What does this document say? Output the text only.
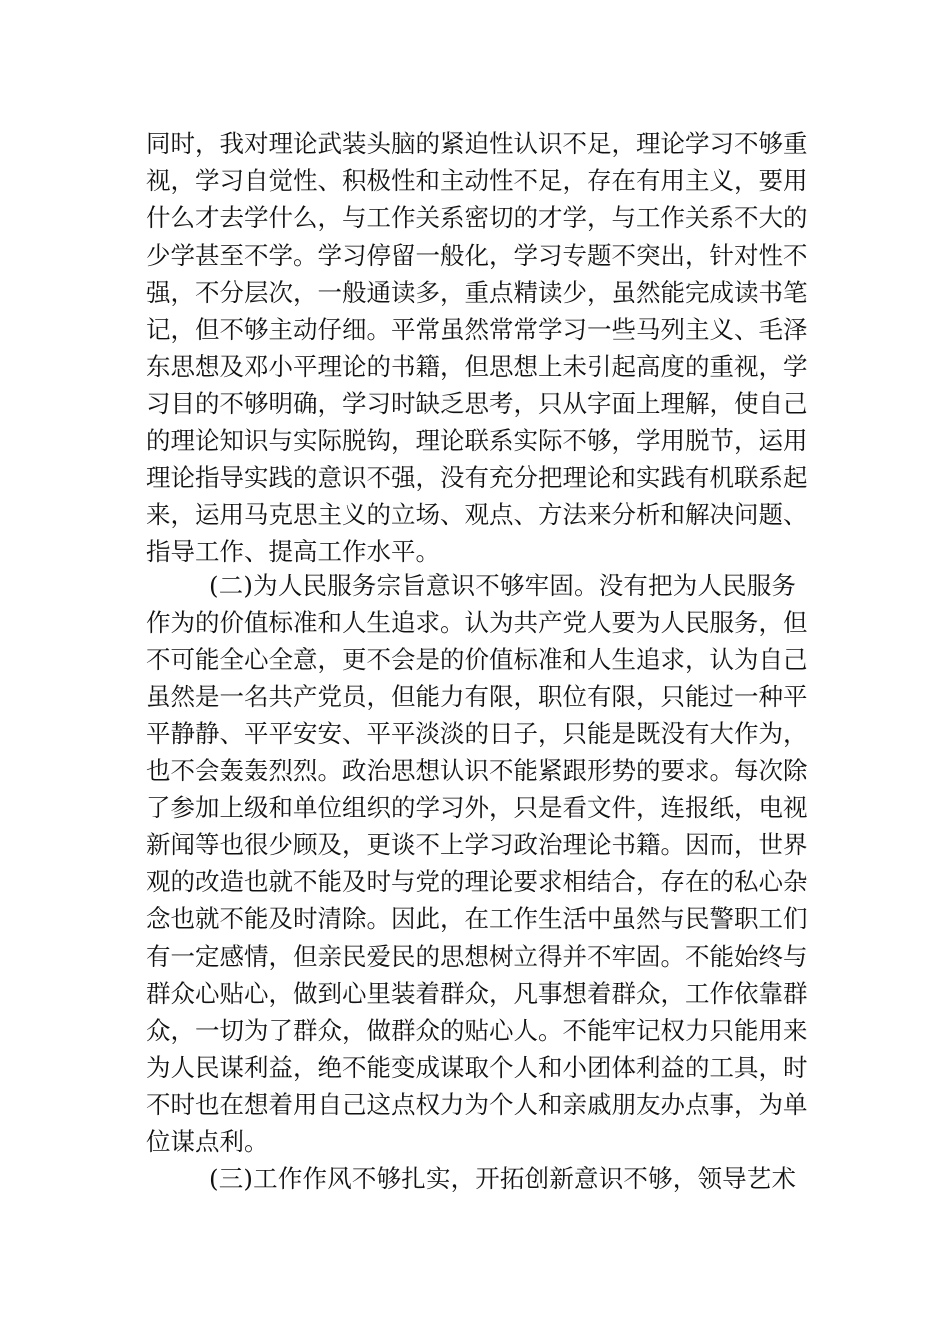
同时，我对理论武装头脑的紧迫性认识不足，理论学习不够重
视，学习自觉性、积极性和主动性不足，存在有用主义，要用
什么才去学什么，与工作关系密切的才学，与工作关系不大的
少学甚至不学。学习停留一般化，学习专题不突出，针对性不
强，不分层次，一般通读多，重点精读少，虽然能完成读书笔
记，但不够主动仔细。平常虽然常常学习一些马列主义、毛泽
东思想及邓小平理论的书籍，但思想上未引起高度的重视，学
习目的不够明确，学习时缺乏思考，只从字面上理解，使自己
的理论知识与实际脱钩，理论联系实际不够，学用脱节，运用
理论指导实践的意识不强，没有充分把理论和实践有机联系起
来，运用马克思主义的立场、观点、方法来分析和解决问题、
指导工作、提高工作水平。
(二)为人民服务宗旨意识不够牢固。没有把为人民服务
作为的价值标准和人生追求。认为共产党人要为人民服务，但
不可能全心全意，更不会是的价值标准和人生追求，认为自己
虽然是一名共产党员，但能力有限，职位有限，只能过一种平
平静静、平平安安、平平淡淡的日子，只能是既没有大作为，
也不会轰轰烈烈。政治思想认识不能紧跟形势的要求。每次除
了参加上级和单位组织的学习外，只是看文件，连报纸，电视
新闻等也很少顾及，更谈不上学习政治理论书籍。因而，世界
观的改造也就不能及时与党的理论要求相结合，存在的私心杂
念也就不能及时清除。因此，在工作生活中虽然与民警职工们
有一定感情，但亲民爱民的思想树立得并不牢固。不能始终与
群众心贴心，做到心里装着群众，凡事想着群众，工作依靠群
众，一切为了群众，做群众的贴心人。不能牢记权力只能用来
为人民谋利益，绝不能变成谋取个人和小团体利益的工具，时
不时也在想着用自己这点权力为个人和亲戚朋友办点事，为单
位谋点利。
(三)工作作风不够扎实，开拓创新意识不够，领导艺术
